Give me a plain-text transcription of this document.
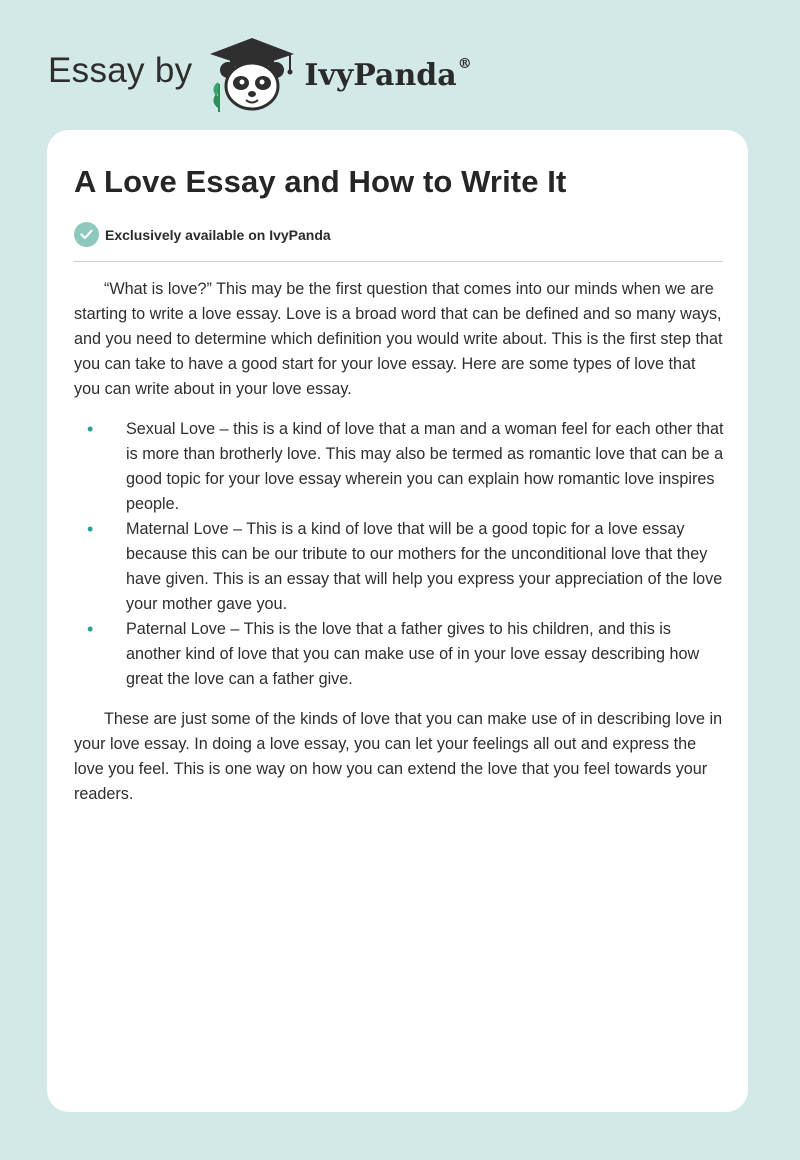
Essay by	IvyPanda®
A Love Essay and How to Write It
Exclusively available on IvyPanda

“What is love?” This may be the first question that comes into our minds when we are starting to write a love essay. Love is a broad word that can be defined and so many ways, and you need to determine which definition you would write about. This is the first step that you can take to have a good start for your love essay. Here are some types of love that you can write about in your love essay.

• Sexual Love – this is a kind of love that a man and a woman feel for each other that is more than brotherly love. This may also be termed as romantic love that can be a good topic for your love essay wherein you can explain how romantic love inspires people.
• Maternal Love – This is a kind of love that will be a good topic for a love essay because this can be our tribute to our mothers for the unconditional love that they have given. This is an essay that will help you express your appreciation of the love your mother gave you.
• Paternal Love – This is the love that a father gives to his children, and this is another kind of love that you can make use of in your love essay describing how great the love can a father give.

These are just some of the kinds of love that you can make use of in describing love in your love essay. In doing a love essay, you can let your feelings all out and express the love you feel. This is one way on how you can extend the love that you feel towards your readers.
